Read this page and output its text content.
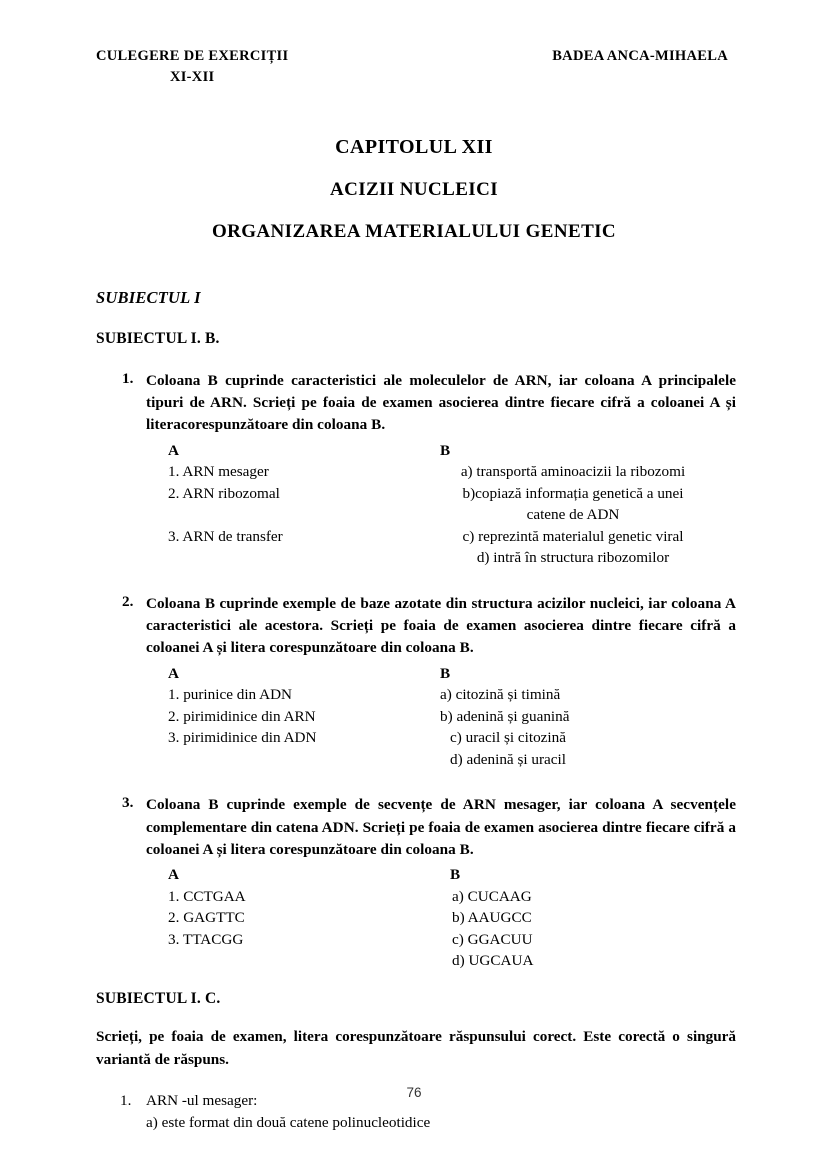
CULEGERE DE EXERCIȚII
XI-XII
BADEA ANCA-MIHAELA
CAPITOLUL XII
ACIZII NUCLEICI
ORGANIZAREA MATERIALULUI GENETIC
SUBIECTUL I
SUBIECTUL I. B.
1. Coloana B cuprinde caracteristici ale moleculelor de ARN, iar coloana A principalele tipuri de ARN. Scrieți pe foaia de examen asocierea dintre fiecare cifră a coloanei A și literacorespunzătoare din coloana B.
A	B
1. ARN mesager	a) transportă aminoacizii la ribozomi
2. ARN ribozomal	b)copiază informația genetică a unei

catene de ADN
3. ARN de transfer	c) reprezintă materialul genetic viral

d) intră în structura ribozomilor
2. Coloana B cuprinde exemple de baze azotate din structura acizilor nucleici, iar coloana A caracteristici ale acestora. Scrieți pe foaia de examen asocierea dintre fiecare cifră a coloanei A și litera corespunzătoare din coloana B.
A	B
1. purinice din ADN	a) citozină și timină
2. pirimidinice din ARN	b) adenină și guanină
3. pirimidinice din ADN	c) uracil și citozină

d) adenină și uracil
3. Coloana B cuprinde exemple de secvențe de ARN mesager, iar coloana A secvențele complementare din catena ADN. Scrieți pe foaia de examen asocierea dintre fiecare cifră a coloanei A și litera corespunzătoare din coloana B.
A	B
1. CCTGAA	a) CUCAAG
2. GAGTTC	b) AAUGCC
3. TTACGG	c) GGACUU

d) UGCAUA
SUBIECTUL I. C.
Scrieți, pe foaia de examen, litera corespunzătoare răspunsului corect. Este corectă o singură variantă de răspuns.
1. ARN -ul mesager:
a) este format din două catene polinucleotidice
76
